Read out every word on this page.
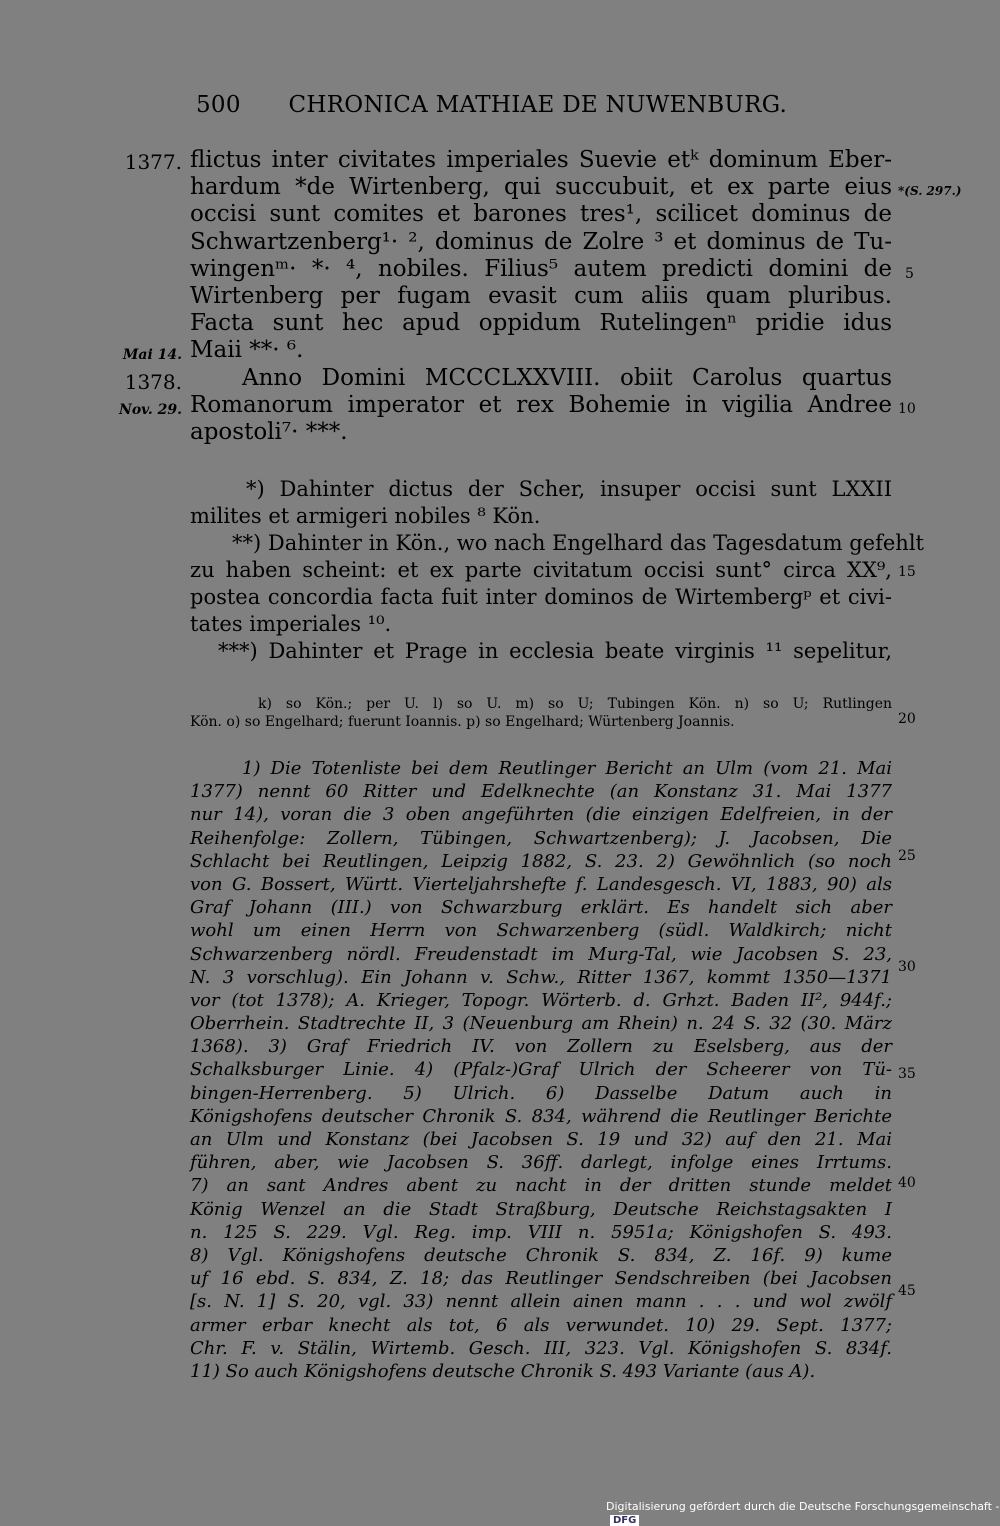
500 CHRONICA MATHIAE DE NUWENBURG.
1377.
Mai 14.
1378.
Nov. 29.
*(S. 297.)
5
10
15
20
25
30
35
40
45
flictus inter civitates imperiales Suevie etᵏ dominum Eber-
hardum *de Wirtenberg, qui succubuit, et ex parte eius
occisi sunt comites et barones tres¹, scilicet dominus de
Schwartzenberg¹· ², dominus de Zolre ³ et dominus de Tu-
wingenᵐ· *· ⁴, nobiles. Filius⁵ autem predicti domini de
Wirtenberg per fugam evasit cum aliis quam pluribus.
Facta sunt hec apud oppidum Rutelingenⁿ pridie idus
Maii **· ⁶.
Anno Domini MCCCLXXVIII. obiit Carolus quartus
Romanorum imperator et rex Bohemie in vigilia Andree
apostoli⁷· ***.
*) Dahinter dictus der Scher, insuper occisi sunt LXXII
milites et armigeri nobiles ⁸ Kön.
**) Dahinter in Kön., wo nach Engelhard das Tagesdatum gefehlt
zu haben scheint: et ex parte civitatum occisi sunt° circa XX⁹,
postea concordia facta fuit inter dominos de Wirtembergᵖ et civi-
tates imperiales ¹⁰.
***) Dahinter et Prage in ecclesia beate virginis ¹¹ sepelitur,
k) so Kön.; per U. l) so U. m) so U; Tubingen Kön. n) so U; Rutlingen
Kön. o) so Engelhard; fuerunt Ioannis. p) so Engelhard; Würtenberg Joannis.
1) Die Totenliste bei dem Reutlinger Bericht an Ulm (vom 21. Mai
1377) nennt 60 Ritter und Edelknechte (an Konstanz 31. Mai 1377
nur 14), voran die 3 oben angeführten (die einzigen Edelfreien, in der
Reihenfolge: Zollern, Tübingen, Schwartzenberg); J. Jacobsen, Die
Schlacht bei Reutlingen, Leipzig 1882, S. 23. 2) Gewöhnlich (so noch
von G. Bossert, Württ. Vierteljahrshefte f. Landesgesch. VI, 1883, 90) als
Graf Johann (III.) von Schwarzburg erklärt. Es handelt sich aber
wohl um einen Herrn von Schwarzenberg (südl. Waldkirch; nicht
Schwarzenberg nördl. Freudenstadt im Murg-Tal, wie Jacobsen S. 23,
N. 3 vorschlug). Ein Johann v. Schw., Ritter 1367, kommt 1350—1371
vor (tot 1378); A. Krieger, Topogr. Wörterb. d. Grhzt. Baden II², 944f.;
Oberrhein. Stadtrechte II, 3 (Neuenburg am Rhein) n. 24 S. 32 (30. März
1368). 3) Graf Friedrich IV. von Zollern zu Eselsberg, aus der
Schalksburger Linie. 4) (Pfalz-)Graf Ulrich der Scheerer von Tü-
bingen-Herrenberg. 5) Ulrich. 6) Dasselbe Datum auch in
Königshofens deutscher Chronik S. 834, während die Reutlinger Berichte
an Ulm und Konstanz (bei Jacobsen S. 19 und 32) auf den 21. Mai
führen, aber, wie Jacobsen S. 36ff. darlegt, infolge eines Irrtums.
7) an sant Andres abent zu nacht in der dritten stunde meldet
König Wenzel an die Stadt Straßburg, Deutsche Reichstagsakten I
n. 125 S. 229. Vgl. Reg. imp. VIII n. 5951a; Königshofen S. 493.
8) Vgl. Königshofens deutsche Chronik S. 834, Z. 16f. 9) kume
uf 16 ebd. S. 834, Z. 18; das Reutlinger Sendschreiben (bei Jacobsen
[s. N. 1] S. 20, vgl. 33) nennt allein ainen mann . . . und wol zwölf
armer erbar knecht als tot, 6 als verwundet. 10) 29. Sept. 1377;
Chr. F. v. Stälin, Wirtemb. Gesch. III, 323. Vgl. Königshofen S. 834f.
11) So auch Königshofens deutsche Chronik S. 493 Variante (aus A).
Digitalisierung gefördert durch die Deutsche Forschungsgemeinschaft -DFG
